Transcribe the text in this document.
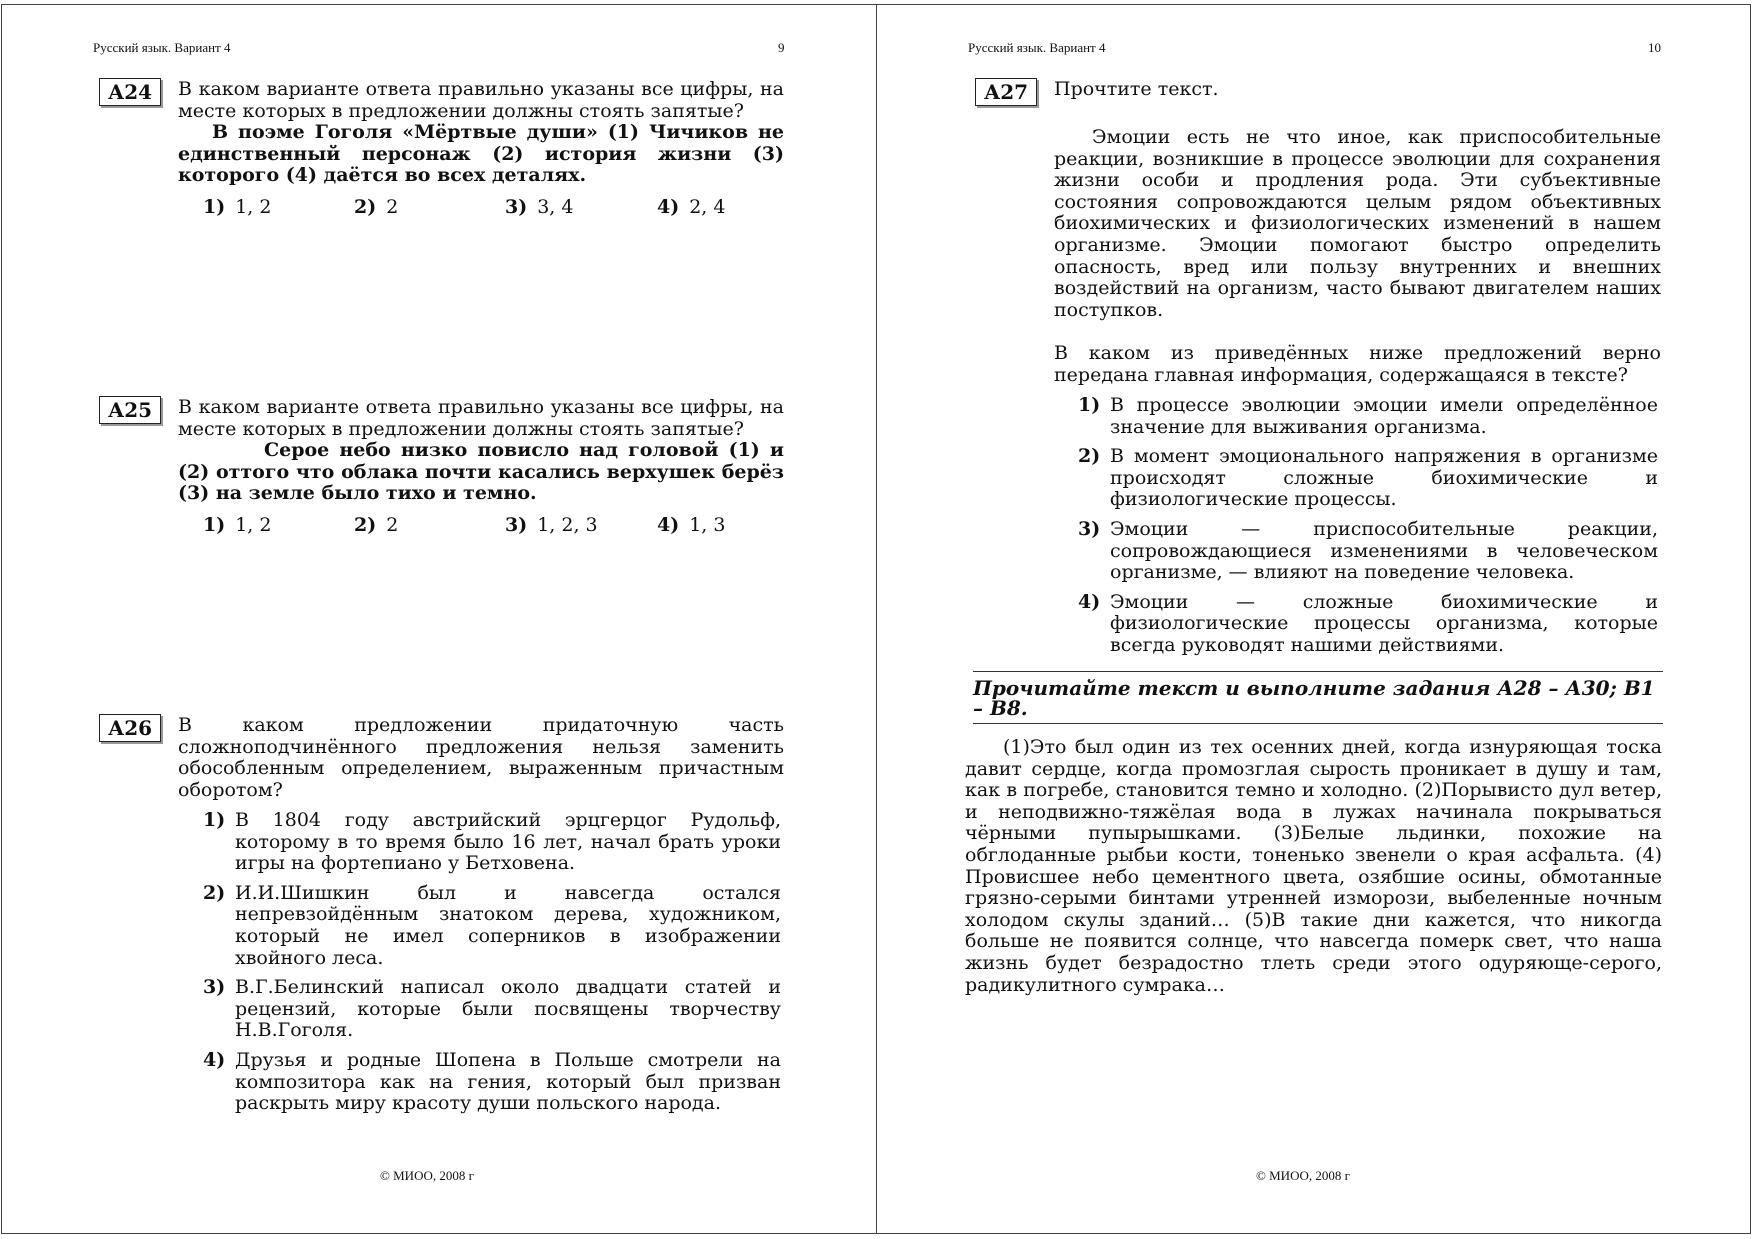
Русский язык. Вариант 4	9
А24	В каком варианте ответа правильно указаны все цифры, на месте которых в предложении должны стоять запятые?

В поэме Гоголя «Мёртвые души» (1) Чичиков не единственный персонаж (2) история жизни (3) которого (4) даётся во всех деталях.

1) 1, 2	2) 2	3) 3, 4	4) 2, 4
А25	В каком варианте ответа правильно указаны все цифры, на месте которых в предложении должны стоять запятые?

Серое небо низко повисло над головой (1) и (2) оттого что облака почти касались верхушек берёз (3) на земле было тихо и темно.

1) 1, 2	2) 2	3) 1, 2, 3	4) 1, 3
А26	В каком предложении придаточную часть сложноподчинённого предложения нельзя заменить обособленным определением, выраженным причастным оборотом?
1) В 1804 году австрийский эрцгерцог Рудольф, которому в то время было 16 лет, начал брать уроки игры на фортепиано у Бетховена.
2) И.И.Шишкин был и навсегда остался непревзойдённым знатоком дерева, художником, который не имел соперников в изображении хвойного леса.
3) В.Г.Белинский написал около двадцати статей и рецензий, которые были посвящены творчеству Н.В.Гоголя.
4) Друзья и родные Шопена в Польше смотрели на композитора как на гения, который был призван раскрыть миру красоту души польского народа.
© МИОО, 2008 г
Русский язык. Вариант 4	10
А27	Прочтите текст.
Эмоции есть не что иное, как приспособительные реакции, возникшие в процессе эволюции для сохранения жизни особи и продления рода. Эти субъективные состояния сопровождаются целым рядом объективных биохимических и физиологических изменений в нашем организме. Эмоции помогают быстро определить опасность, вред или пользу внутренних и внешних воздействий на организм, часто бывают двигателем наших поступков.
В каком из приведённых ниже предложений верно передана главная информация, содержащаяся в тексте?
1) В процессе эволюции эмоции имели определённое значение для выживания организма.
2) В момент эмоционального напряжения в организме происходят сложные биохимические и физиологические процессы.
3) Эмоции — приспособительные реакции, сопровождающиеся изменениями в человеческом организме, — влияют на поведение человека.
4) Эмоции — сложные биохимические и физиологические процессы организма, которые всегда руководят нашими действиями.
Прочитайте текст и выполните задания А28 – А30; В1 – В8.
(1)Это был один из тех осенних дней, когда изнуряющая тоска давит сердце, когда промозглая сырость проникает в душу и там, как в погребе, становится темно и холодно. (2)Порывисто дул ветер, и неподвижно-тяжёлая вода в лужах начинала покрываться чёрными пупырышками. (3)Белые льдинки, похожие на обглоданные рыбьи кости, тоненько звенели о края асфальта. (4) Провисшее небо цементного цвета, озябшие осины, обмотанные грязно-серыми бинтами утренней изморози, выбеленные ночным холодом скулы зданий… (5)В такие дни кажется, что никогда больше не появится солнце, что навсегда померк свет, что наша жизнь будет безрадостно тлеть среди этого одуряюще-серого, радикулитного сумрака…
© МИОО, 2008 г
